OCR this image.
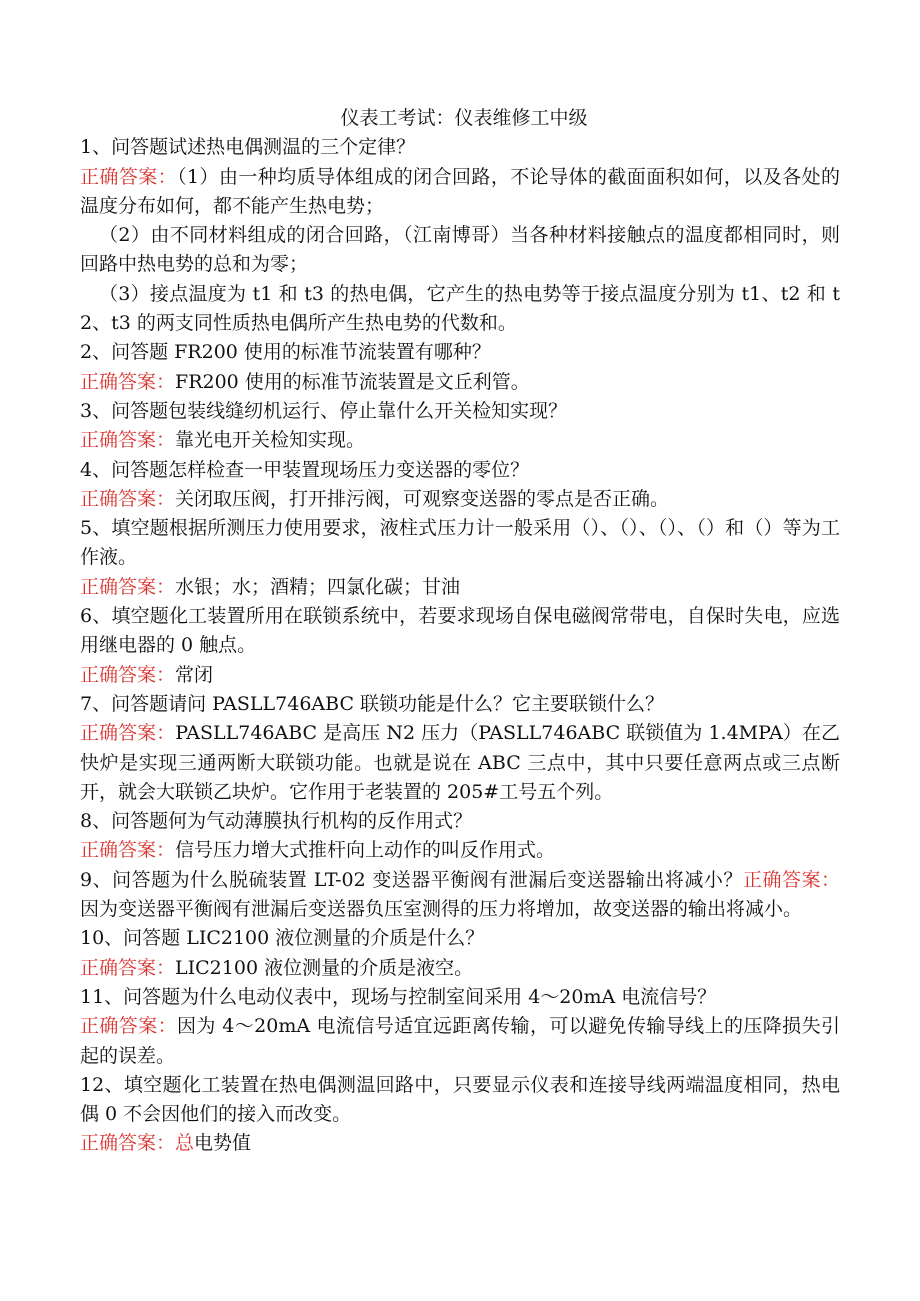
仪表工考试：仪表维修工中级

1、问答题试述热电偶测温的三个定律？

正确答案：（1）由一种均质导体组成的闭合回路，不论导体的截面面积如何，以及各处的温度分布如何，都不能产生热电势；

（2）由不同材料组成的闭合回路，（江南博哥）当各种材料接触点的温度都相同时，则回路中热电势的总和为零；

（3）接点温度为 t1 和 t3 的热电偶，它产生的热电势等于接点温度分别为 t1、t2 和 t2、t3 的两支同性质热电偶所产生热电势的代数和。

2、问答题 FR200 使用的标准节流装置有哪种？

正确答案：FR200 使用的标准节流装置是文丘利管。

3、问答题包装线缝纫机运行、停止靠什么开关检知实现？

正确答案：靠光电开关检知实现。

4、问答题怎样检查一甲装置现场压力变送器的零位？

正确答案：关闭取压阀，打开排污阀，可观察变送器的零点是否正确。

5、填空题根据所测压力使用要求，液柱式压力计一般采用（）、（）、（）、（）和（）等为工作液。

正确答案：水银；水；酒精；四氯化碳；甘油

6、填空题化工装置所用在联锁系统中，若要求现场自保电磁阀常带电，自保时失电，应选用继电器的 0 触点。

正确答案：常闭

7、问答题请问 PASLL746ABC 联锁功能是什么？它主要联锁什么？

正确答案：PASLL746ABC 是高压 N2 压力（PASLL746ABC 联锁值为 1.4MPA）在乙快炉是实现三通两断大联锁功能。也就是说在 ABC 三点中，其中只要任意两点或三点断开，就会大联锁乙块炉。它作用于老装置的 205#工号五个列。

8、问答题何为气动薄膜执行机构的反作用式？

正确答案：信号压力增大式推杆向上动作的叫反作用式。

9、问答题为什么脱硫装置 LT-02 变送器平衡阀有泄漏后变送器输出将减小？正确答案：因为变送器平衡阀有泄漏后变送器负压室测得的压力将增加，故变送器的输出将减小。

10、问答题 LIC2100 液位测量的介质是什么？

正确答案：LIC2100 液位测量的介质是液空。

11、问答题为什么电动仪表中，现场与控制室间采用 4～20mA 电流信号？

正确答案：因为 4～20mA 电流信号适宜远距离传输，可以避免传输导线上的压降损失引起的误差。

12、填空题化工装置在热电偶测温回路中，只要显示仪表和连接导线两端温度相同，热电偶 0 不会因他们的接入而改变。

正确答案：总电势值
